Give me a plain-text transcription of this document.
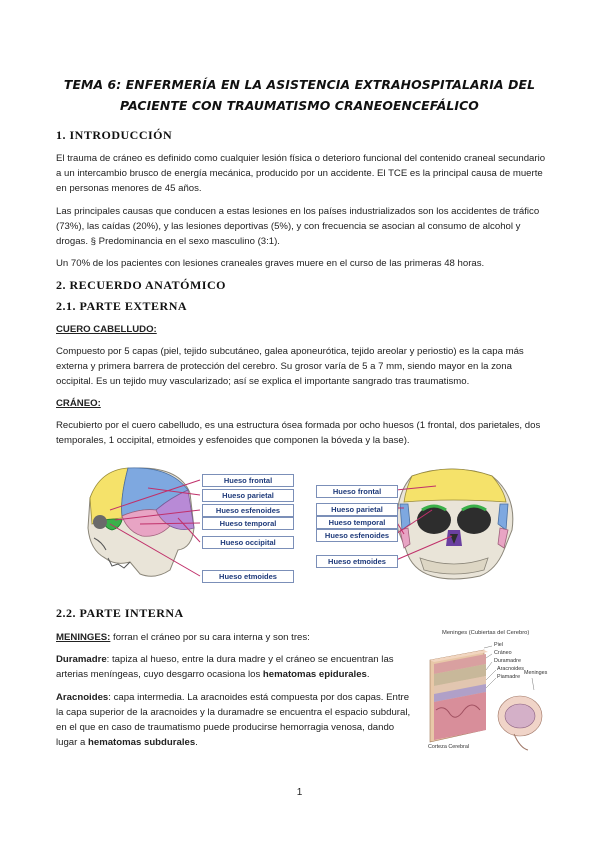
TEMA 6: ENFERMERÍA EN LA ASISTENCIA EXTRAHOSPITALARIA DEL
PACIENTE CON TRAUMATISMO CRANEOENCEFÁLICO
1. INTRODUCCIÓN
El trauma de cráneo es definido como cualquier lesión física o deterioro funcional del contenido craneal secundario a un intercambio brusco de energía mecánica, producido por un accidente. El TCE es la principal causa de muerte en personas menores de 45 años.
Las principales causas que conducen a estas lesiones en los países industrializados son los accidentes de tráfico (73%), las caídas (20%), y las lesiones deportivas (5%), y con frecuencia se asocian al consumo de alcohol y drogas. § Predominancia en el sexo masculino (3:1).
Un 70% de los pacientes con lesiones craneales graves muere en el curso de las primeras 48 horas.
2. RECUERDO ANATÓMICO
2.1. PARTE EXTERNA
CUERO CABELLUDO:
Compuesto por 5 capas (piel, tejido subcutáneo, galea aponeurótica, tejido areolar y periostio) es la capa más externa y primera barrera de protección del cerebro. Su grosor varía de 5 a 7 mm, siendo mayor en la zona occipital. Es un tejido muy vascularizado; así se explica el importante sangrado tras traumatismo.
CRÁNEO:
Recubierto por el cuero cabelludo, es una estructura ósea formada por ocho huesos (1 frontal, dos parietales, dos temporales, 1 occipital, etmoides y esfenoides que componen la bóveda y la base).
Hueso frontal
Hueso parietal
Hueso esfenoides
Hueso temporal
Hueso occipital
Hueso etmoides
Hueso frontal
Hueso parietal
Hueso temporal
Hueso esfenoides
Hueso etmoides
2.2. PARTE INTERNA
MENINGES: forran el cráneo por su cara interna y son tres:
Duramadre: tapiza al hueso, entre la dura madre y el cráneo se encuentran las arterias meníngeas, cuyo desgarro ocasiona los hematomas epidurales.
Aracnoides: capa intermedia. La aracnoides está compuesta por dos capas. Entre la capa superior de la aracnoides y la duramadre se encuentra el espacio subdural, en el que en caso de traumatismo puede producirse hemorragia venosa, dando lugar a hematomas subdurales.
Meninges (Cubiertas del Cerebro)
Piel
Cráneo
Duramadre
Aracnoides
Piamadre
Meninges
Corteza Cerebral
1
